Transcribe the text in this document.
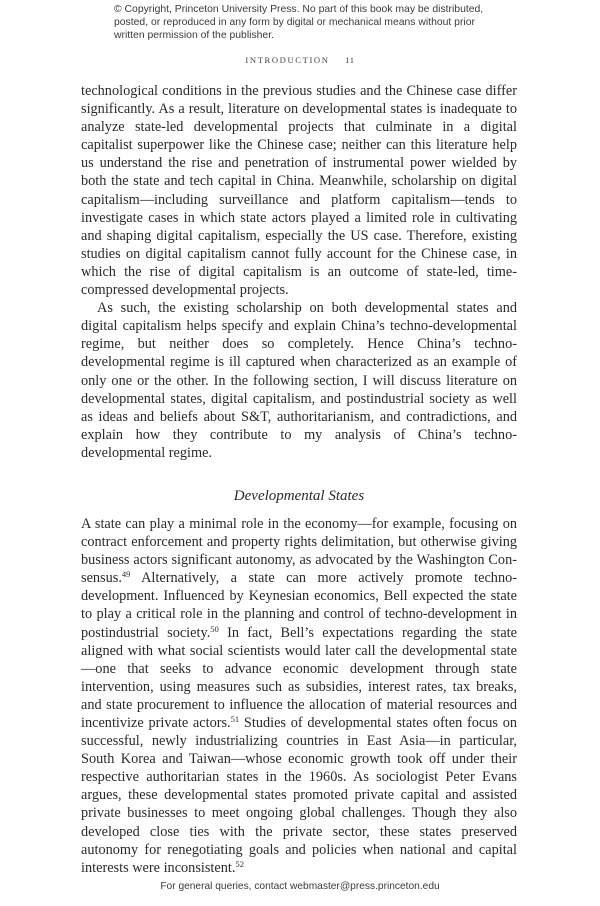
© Copyright, Princeton University Press. No part of this book may be distributed, posted, or reproduced in any form by digital or mechanical means without prior written permission of the publisher.
INTRODUCTION 11

technological conditions in the previous studies and the Chinese case differ significantly. As a result, literature on developmental states is inadequate to analyze state-led developmental projects that culminate in a digital capitalist superpower like the Chinese case; neither can this literature help us understand the rise and penetration of instrumental power wielded by both the state and tech capital in China. Meanwhile, scholarship on digital capitalism—including surveillance and platform capitalism—tends to investigate cases in which state actors played a limited role in cultivating and shaping digital capitalism, especially the US case. Therefore, existing studies on digital capitalism cannot fully account for the Chinese case, in which the rise of digital capitalism is an outcome of state-led, time-compressed developmental projects.

As such, the existing scholarship on both developmental states and digital capitalism helps specify and explain China’s techno-developmental regime, but neither does so completely. Hence China’s techno-developmental regime is ill captured when characterized as an example of only one or the other. In the following section, I will discuss literature on developmental states, digital capitalism, and postindustrial society as well as ideas and beliefs about S&T, authoritarianism, and contradictions, and explain how they contribute to my analysis of China’s techno-developmental regime.

Developmental States

A state can play a minimal role in the economy—for example, focusing on contract enforcement and property rights delimitation, but otherwise giving business actors significant autonomy, as advocated by the Washington Consensus.$^{49}$ Alternatively, a state can more actively promote techno-development. Influenced by Keynesian economics, Bell expected the state to play a critical role in the planning and control of techno-development in postindustrial society.$^{50}$ In fact, Bell’s expectations regarding the state aligned with what social scientists would later call the developmental state—one that seeks to advance economic development through state intervention, using measures such as subsidies, interest rates, tax breaks, and state procurement to influence the allocation of material resources and incentivize private actors.$^{51}$ Studies of developmental states often focus on successful, newly industrializing countries in East Asia—in particular, South Korea and Taiwan—whose economic growth took off under their respective authoritarian states in the 1960s. As sociologist Peter Evans argues, these developmental states promoted private capital and assisted private businesses to meet ongoing global challenges. Though they also developed close ties with the private sector, these states preserved autonomy for renegotiating goals and policies when national and capital interests were inconsistent.$^{52}$

For general queries, contact webmaster@press.princeton.edu
